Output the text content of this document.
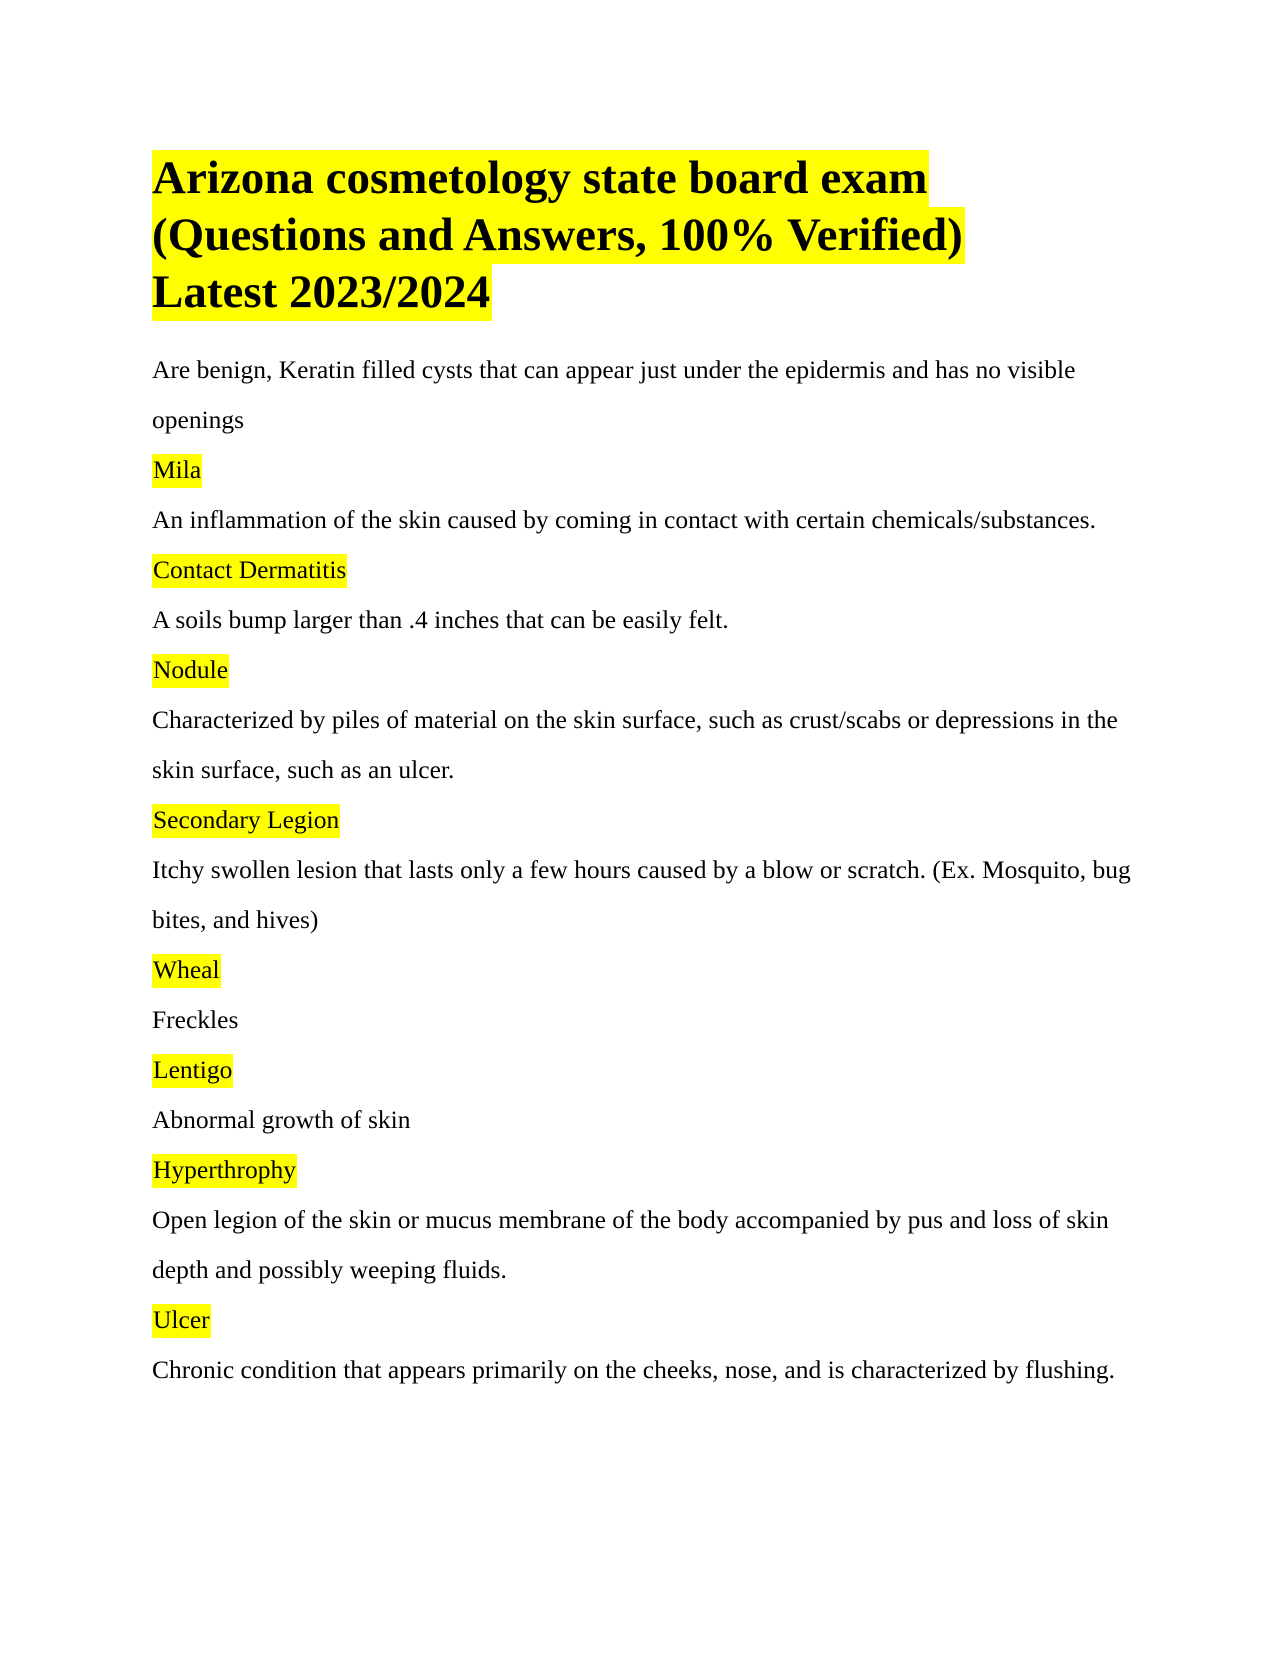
Arizona cosmetology state board exam
(Questions and Answers, 100% Verified)
Latest 2023/2024

Are benign, Keratin filled cysts that can appear just under the epidermis and has no visible openings

Mila

An inflammation of the skin caused by coming in contact with certain chemicals/substances.

Contact Dermatitis

A soils bump larger than .4 inches that can be easily felt.

Nodule

Characterized by piles of material on the skin surface, such as crust/scabs or depressions in the skin surface, such as an ulcer.

Secondary Legion

Itchy swollen lesion that lasts only a few hours caused by a blow or scratch. (Ex. Mosquito, bug bites, and hives)

Wheal

Freckles

Lentigo

Abnormal growth of skin

Hyperthrophy

Open legion of the skin or mucus membrane of the body accompanied by pus and loss of skin depth and possibly weeping fluids.

Ulcer

Chronic condition that appears primarily on the cheeks, nose, and is characterized by flushing.
